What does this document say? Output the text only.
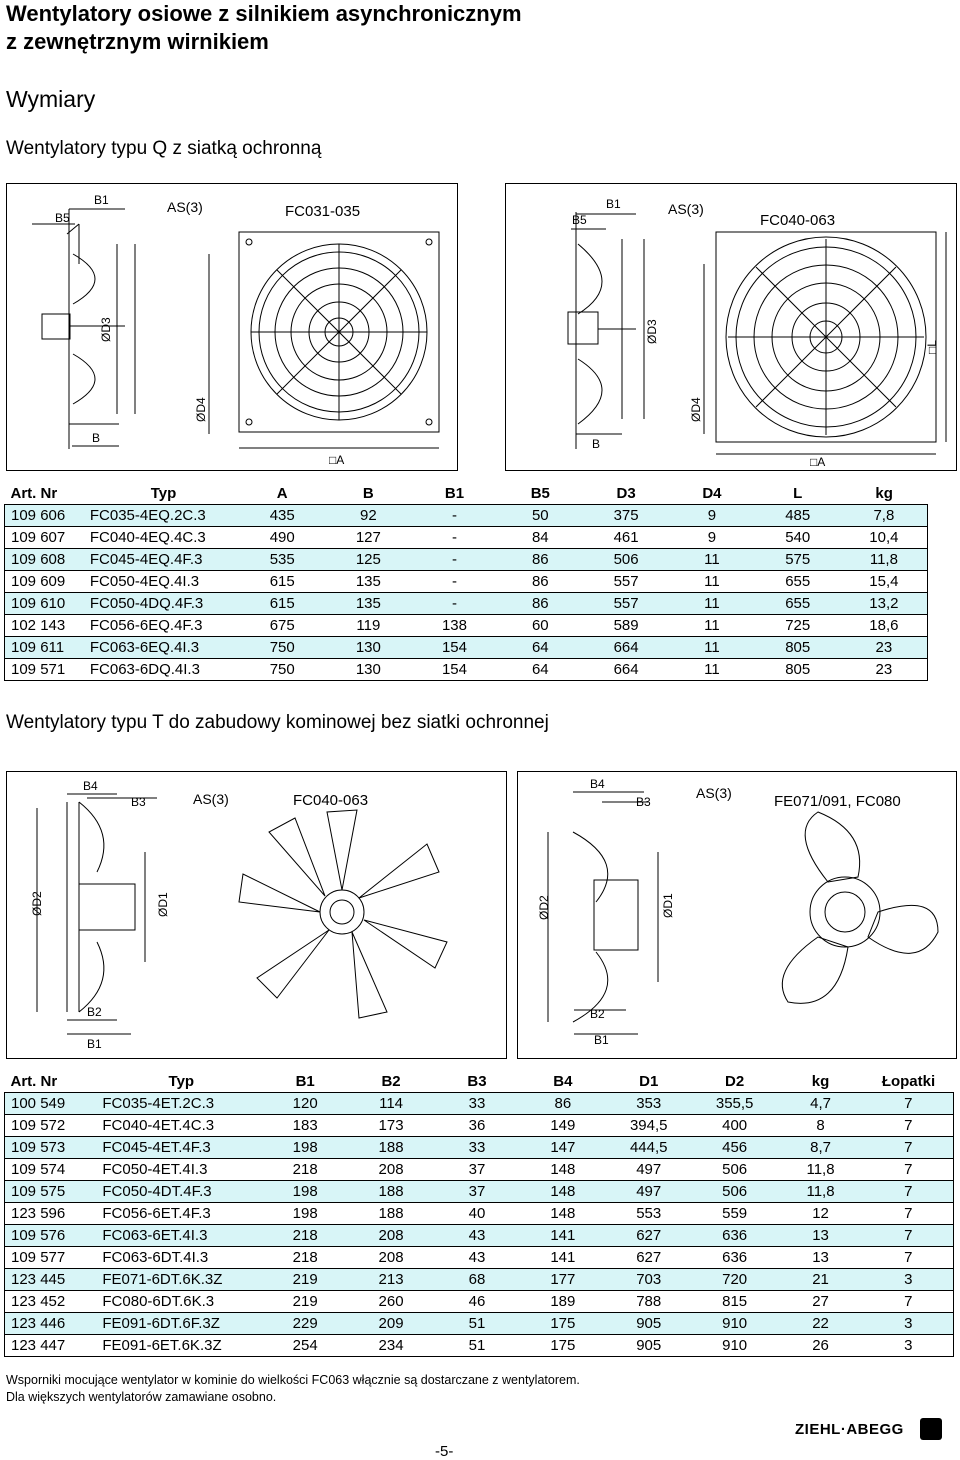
Wentylatory osiowe z silnikiem asynchronicznym
z zewnętrznym wirnikiem
Wymiary
Wentylatory typu Q z siatką ochronną
FC031-035
B1
B5
AS(3)
B
□A
ØD3
ØD4
FC040-063
B1
B5
AS(3)
B
□A
ØD3
ØD4
□L
Art. Nr	Typ	A	B	B1	B5	D3	D4	L	kg
109 606	FC035-4EQ.2C.3	435	92	-	50	375	9	485	7,8
109 607	FC040-4EQ.4C.3	490	127	-	84	461	9	540	10,4
109 608	FC045-4EQ.4F.3	535	125	-	86	506	11	575	11,8
109 609	FC050-4EQ.4I.3	615	135	-	86	557	11	655	15,4
109 610	FC050-4DQ.4F.3	615	135	-	86	557	11	655	13,2
102 143	FC056-6EQ.4F.3	675	119	138	60	589	11	725	18,6
109 611	FC063-6EQ.4I.3	750	130	154	64	664	11	805	23
109 571	FC063-6DQ.4I.3	750	130	154	64	664	11	805	23
Wentylatory typu T do zabudowy kominowej bez siatki ochronnej
FC040-063
B4
B3	AS(3)
B2
B1
ØD2	ØD1
FE071/091, FC080
B4
B3
AS(3)
B2
B1
ØD2	ØD1
Art. Nr	Typ	B1	B2	B3	B4	D1	D2	kg	Łopatki
100 549	FC035-4ET.2C.3	120	114	33	86	353	355,5	4,7	7
109 572	FC040-4ET.4C.3	183	173	36	149	394,5	400	8	7
109 573	FC045-4ET.4F.3	198	188	33	147	444,5	456	8,7	7
109 574	FC050-4ET.4I.3	218	208	37	148	497	506	11,8	7
109 575	FC050-4DT.4F.3	198	188	37	148	497	506	11,8	7
123 596	FC056-6ET.4F.3	198	188	40	148	553	559	12	7
109 576	FC063-6ET.4I.3	218	208	43	141	627	636	13	7
109 577	FC063-6DT.4I.3	218	208	43	141	627	636	13	7
123 445	FE071-6DT.6K.3Z	219	213	68	177	703	720	21	3
123 452	FC080-6DT.6K.3	219	260	46	189	788	815	27	7
123 446	FE091-6DT.6F.3Z	229	209	51	175	905	910	22	3
123 447	FE091-6ET.6K.3Z	254	234	51	175	905	910	26	3
Wsporniki mocujące wentylator w kominie do wielkości FC063 włącznie są dostarczane z wentylatorem.
Dla większych wentylatorów zamawiane osobno.
-5-
ZIEHL·ABEGG
